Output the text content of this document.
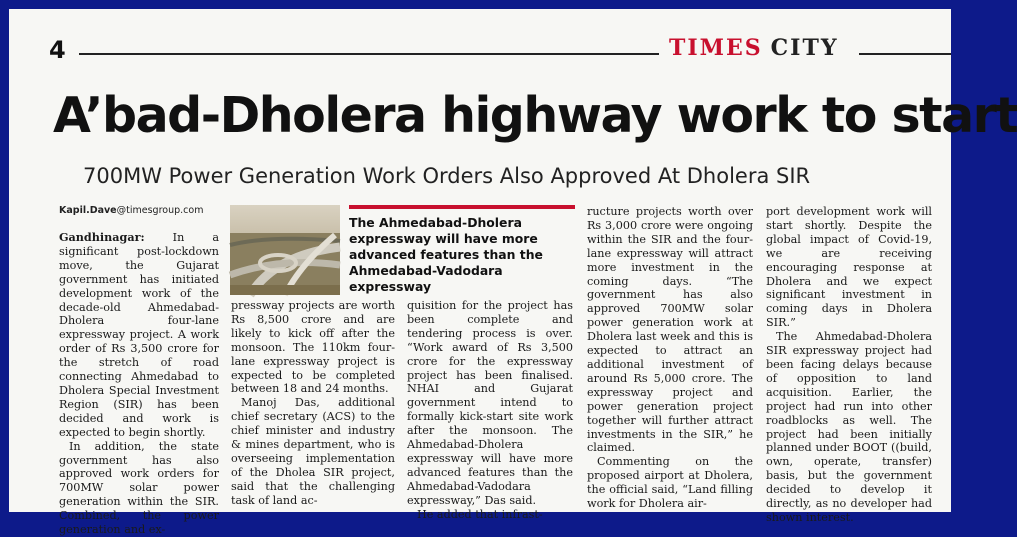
4	TIMES CITY
A’bad-Dholera highway work to start
700MW Power Generation Work Orders Also Approved At Dholera SIR
Kapil.Dave@timesgroup.com

Gandhinagar: In a significant post-lockdown move, the Gujarat government has initiated development work of the decade-old Ahmedabad-Dholera four-lane expressway project. A work order of Rs 3,500 crore for the stretch of road connecting Ahmedabad to Dholera Special Investment Region (SIR) has been decided and work is expected to begin shortly.

In addition, the state government has also approved work orders for 700MW solar power generation within the SIR. Combined, the power generation and ex-

The Ahmedabad-Dholera expressway will have more advanced features than the Ahmedabad-Vadodara expressway

pressway projects are worth Rs 8,500 crore and are likely to kick off after the monsoon. The 110km four-lane expressway project is expected to be completed between 18 and 24 months.

Manoj Das, additional chief secretary (ACS) to the chief minister and industry & mines department, who is overseeing implementation of the Dholea SIR project, said that the challenging task of land ac-

quisition for the project has been complete and tendering process is over. “Work award of Rs 3,500 crore for the expressway project has been finalised. NHAI and Gujarat government intend to formally kick-start site work after the monsoon. The Ahmedabad-Dholera expressway will have more advanced features than the Ahmedabad-Vadodara expressway,” Das said.

He added that infrast-

ructure projects worth over Rs 3,000 crore were ongoing within the SIR and the four-lane expressway will attract more investment in the coming days. “The government has also approved 700MW solar power generation work at Dholera last week and this is expected to attract an additional investment of around Rs 5,000 crore. The expressway project and power generation project together will further attract investments in the SIR,” he claimed.

Commenting on the proposed airport at Dholera, the official said, “Land filling work for Dholera air-

port development work will start shortly. Despite the global impact of Covid-19, we are receiving encouraging response at Dholera and we expect significant investment in coming days in Dholera SIR.”

The Ahmedabad-Dholera SIR expressway project had been facing delays because of opposition to land acquisition. Earlier, the project had run into other roadblocks as well. The project had been initially planned under BOOT ((build, own, operate, transfer) basis, but the government decided to develop it directly, as no developer had shown interest.
